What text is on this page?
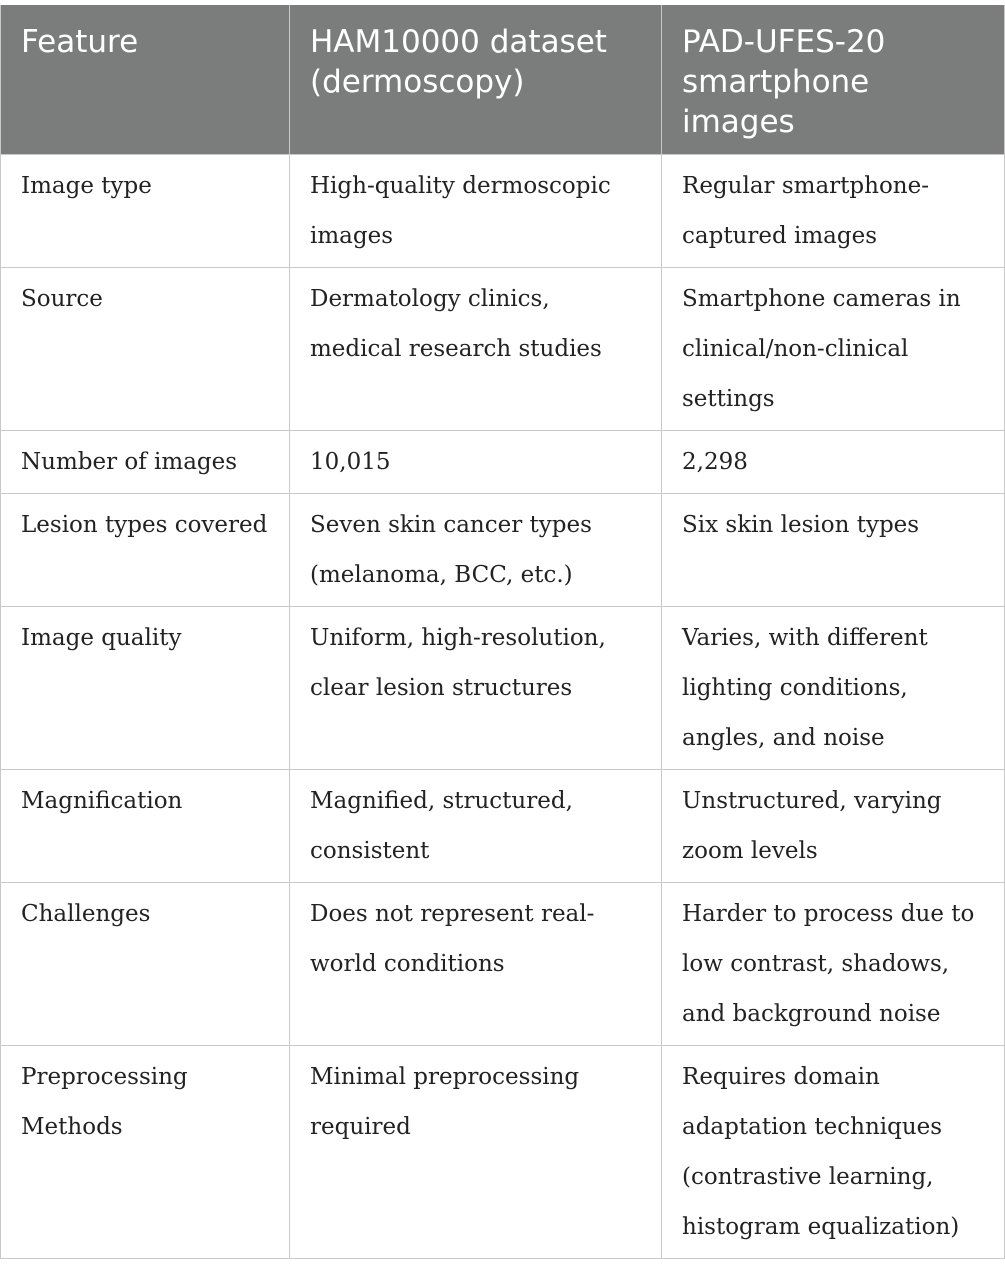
Feature	HAM10000 dataset (dermoscopy)	PAD-UFES-20 smartphone images
Image type	High-quality dermoscopic images	Regular smartphone-captured images
Source	Dermatology clinics, medical research studies	Smartphone cameras in clinical/non-clinical settings
Number of images	10,015	2,298
Lesion types covered	Seven skin cancer types (melanoma, BCC, etc.)	Six skin lesion types
Image quality	Uniform, high-resolution, clear lesion structures	Varies, with different lighting conditions, angles, and noise
Magnification	Magnified, structured, consistent	Unstructured, varying zoom levels
Challenges	Does not represent real-world conditions	Harder to process due to low contrast, shadows, and background noise
Preprocessing Methods	Minimal preprocessing required	Requires domain adaptation techniques (contrastive learning, histogram equalization)
